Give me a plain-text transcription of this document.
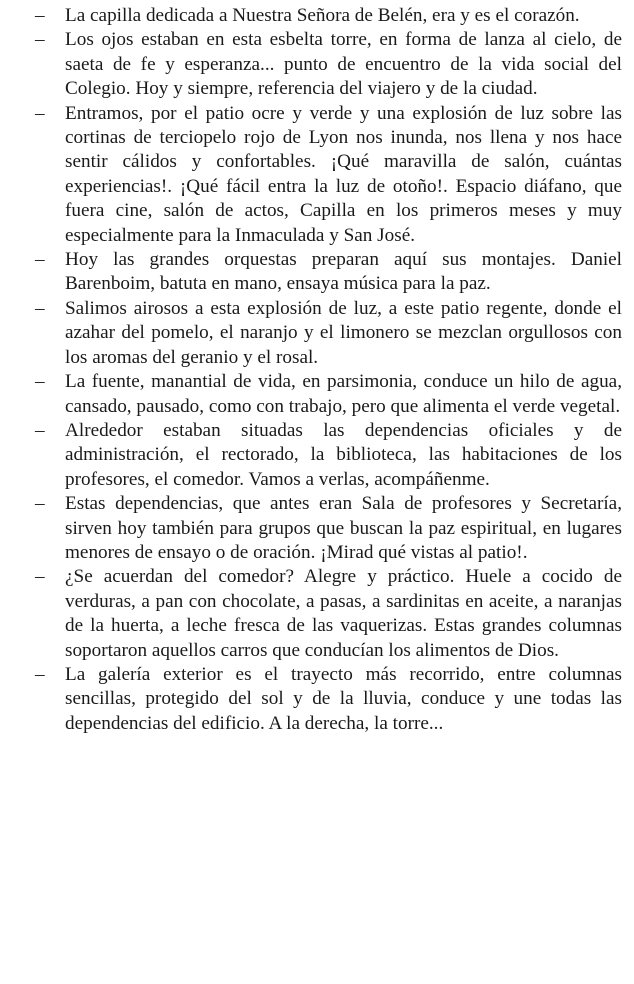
– La capilla dedicada a Nuestra Señora de Belén, era y es el corazón.
– Los ojos estaban en esta esbelta torre, en forma de lanza al cielo, de saeta de fe y esperanza... punto de encuentro de la vida social del Colegio. Hoy y siempre, referencia del viajero y de la ciudad.
– Entramos, por el patio ocre y verde y una explosión de luz sobre las cortinas de terciopelo rojo de Lyon nos inunda, nos llena y nos hace sentir cálidos y confortables. ¡Qué maravilla de salón, cuántas experiencias!. ¡Qué fácil entra la luz de otoño!. Espacio diáfano, que fuera cine, salón de actos, Capilla en los primeros meses y muy especialmente para la Inmaculada y San José.
– Hoy las grandes orquestas preparan aquí sus montajes. Daniel Barenboim, batuta en mano, ensaya música para la paz.
– Salimos airosos a esta explosión de luz, a este patio regente, donde el azahar del pomelo, el naranjo y el limonero se mezclan orgullosos con los aromas del geranio y el rosal.
– La fuente, manantial de vida, en parsimonia, conduce un hilo de agua, cansado, pausado, como con trabajo, pero que alimenta el verde vegetal.
– Alrededor estaban situadas las dependencias oficiales y de administración, el rectorado, la biblioteca, las habitaciones de los profesores, el comedor. Vamos a verlas, acompáñenme.
– Estas dependencias, que antes eran Sala de profesores y Secretaría, sirven hoy también para grupos que buscan la paz espiritual, en lugares menores de ensayo o de oración. ¡Mirad qué vistas al patio!.
– ¿Se acuerdan del comedor? Alegre y práctico. Huele a cocido de verduras, a pan con chocolate, a pasas, a sardinitas en aceite, a naranjas de la huerta, a leche fresca de las vaquerizas. Estas grandes columnas soportaron aquellos carros que conducían los alimentos de Dios.
– La galería exterior es el trayecto más recorrido, entre columnas sencillas, protegido del sol y de la lluvia, conduce y une todas las dependencias del edificio. A la derecha, la torre...
